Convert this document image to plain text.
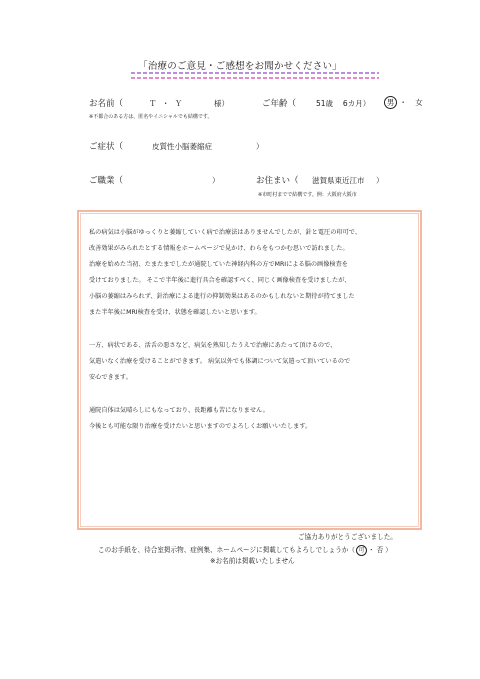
「治療のご意見・ご感想をお聞かせください」
お名前（	Ｔ ・ Ｙ	様）	ご年齢（	51歳　 6カ月）	男 ・ 女
※不都合のある方は、匿名やイニシャルでも結構です。
ご症状（	皮質性小脳萎縮症	）
ご職業（	）	お住まい（ 滋賀県東近江市 ）
※市町村までで結構です。例：大阪府大阪市
私の病気は小脳がゆっくりと萎縮していく病で治療法はありませんでしたが、針と電圧の印可で、
改善効果がみられたとする情報をホームページで見かけ、わらをもつかむ思いで訪れました。
治療を始めた当初、たまたまでしたが通院していた神経内科の方でMRIによる脳の画像検査を
受けておりました。 そこで半年後に進行具合を確認すべく、同じく画像検査を受けましたが、
小脳の萎縮はみられず、針治療による進行の抑制効果はあるのかもしれないと期待が持てました
また半年後にMRI検査を受け、状態を確認したいと思います。
一方、病状である、活舌の悪さなど、病気を熟知したうえで治療にあたって頂けるので、
気遣いなく治療を受けることができます。 病気以外でも体調について気遣って頂いているので
安心できます。
通院自体は気晴らしにもなっており、長距離も苦になりません。
今後とも可能な限り治療を受けたいと思いますのでよろしくお願いいたします。
ご協力ありがとうございました。
このお手紙を、待合室掲示物、症例集、ホームページに掲載してもよろしでしょうか（ 可 ・ 否 ）
※お名前は掲載いたしません
